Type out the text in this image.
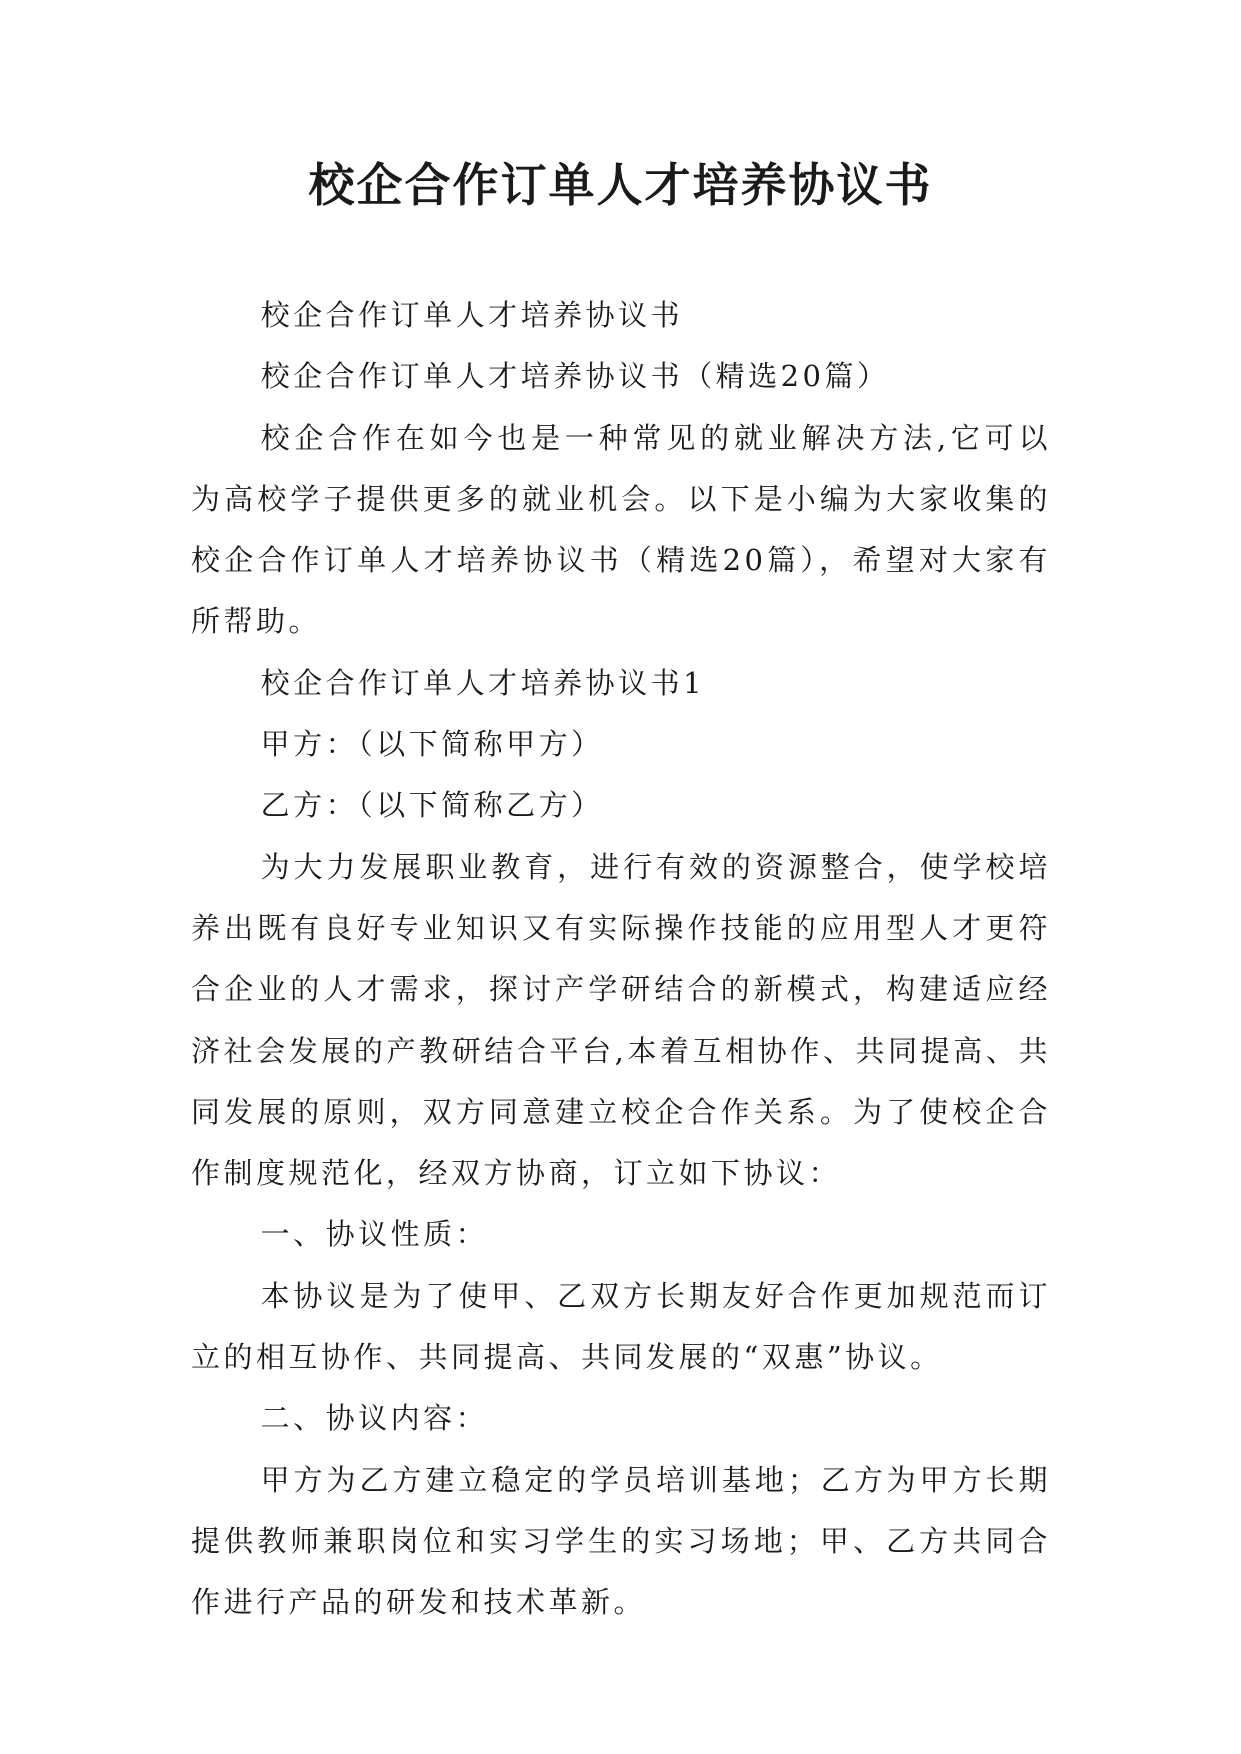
校企合作订单人才培养协议书

校企合作订单人才培养协议书

校企合作订单人才培养协议书（精选20篇）

校企合作在如今也是一种常见的就业解决方法,它可以为高校学子提供更多的就业机会。以下是小编为大家收集的校企合作订单人才培养协议书（精选20篇），希望对大家有所帮助。

校企合作订单人才培养协议书1

甲方：（以下简称甲方）

乙方：（以下简称乙方）

为大力发展职业教育，进行有效的资源整合，使学校培养出既有良好专业知识又有实际操作技能的应用型人才更符合企业的人才需求，探讨产学研结合的新模式，构建适应经济社会发展的产教研结合平台,本着互相协作、共同提高、共同发展的原则，双方同意建立校企合作关系。为了使校企合作制度规范化，经双方协商，订立如下协议：

一、协议性质：

本协议是为了使甲、乙双方长期友好合作更加规范而订立的相互协作、共同提高、共同发展的“双惠”协议。

二、协议内容：

甲方为乙方建立稳定的学员培训基地；乙方为甲方长期提供教师兼职岗位和实习学生的实习场地；甲、乙方共同合作进行产品的研发和技术革新。
